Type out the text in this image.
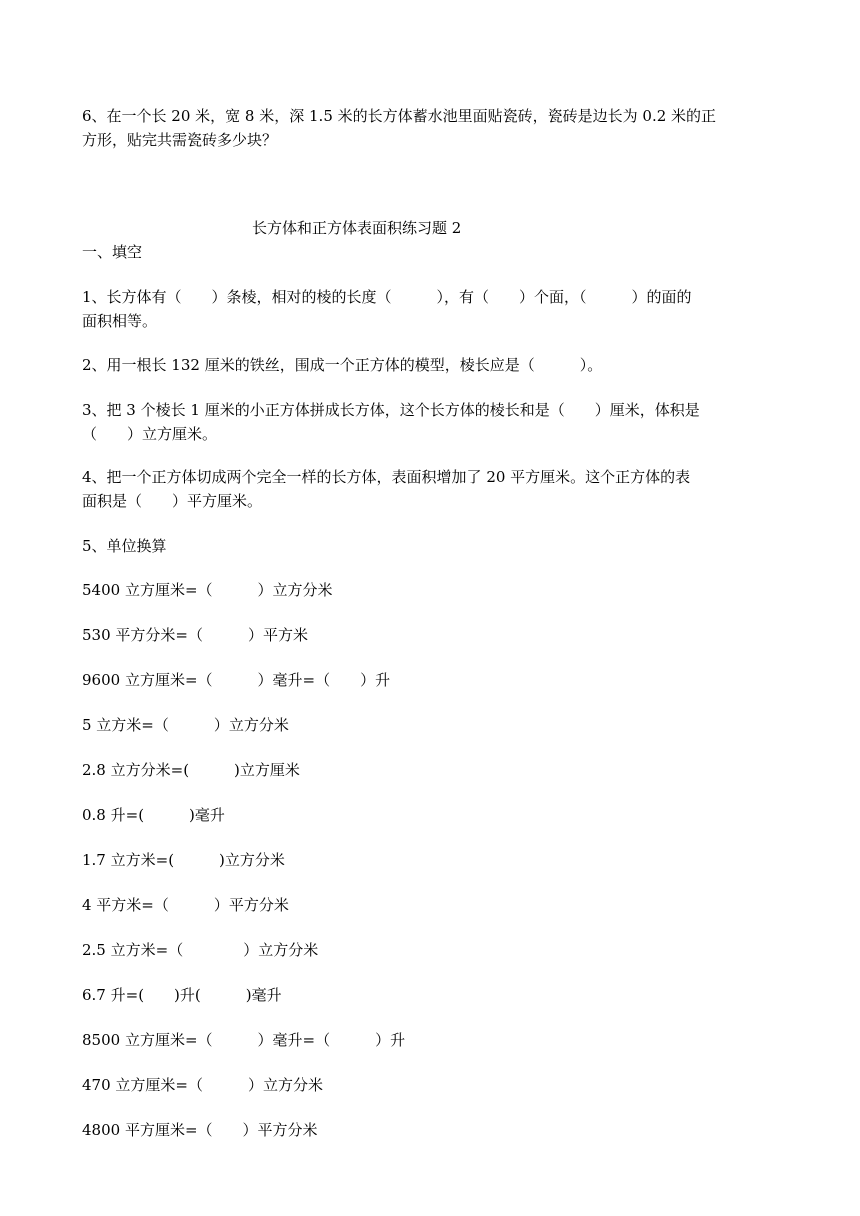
6、在一个长 20 米，宽 8 米，深 1.5 米的长方体蓄水池里面贴瓷砖，瓷砖是边长为 0.2 米的正
方形，贴完共需瓷砖多少块？
长方体和正方体表面积练习题 2
一、填空
1、长方体有（　　）条棱，相对的棱的长度（　　　），有（　　）个面，（　　　）的面的
面积相等。
2、用一根长 132 厘米的铁丝，围成一个正方体的模型，棱长应是（　　　）。
3、把 3 个棱长 1 厘米的小正方体拼成长方体，这个长方体的棱长和是（　　）厘米，体积是
（　　）立方厘米。
4、把一个正方体切成两个完全一样的长方体，表面积增加了 20 平方厘米。这个正方体的表
面积是（　　）平方厘米。
5、单位换算
5400 立方厘米=（　　　）立方分米
530 平方分米=（　　　）平方米
9600 立方厘米=（　　　）毫升=（　　）升
5 立方米=（　　　）立方分米
2.8 立方分米=(　　　)立方厘米
0.8 升=(　　　)毫升
1.7 立方米=(　　　)立方分米
4 平方米=（　　　）平方分米
2.5 立方米=（　　　　）立方分米
6.7 升=(　　)升(　　　)毫升
8500 立方厘米=（　　　）毫升=（　　　）升
470 立方厘米=（　　　）立方分米
4800 平方厘米=（　　）平方分米
